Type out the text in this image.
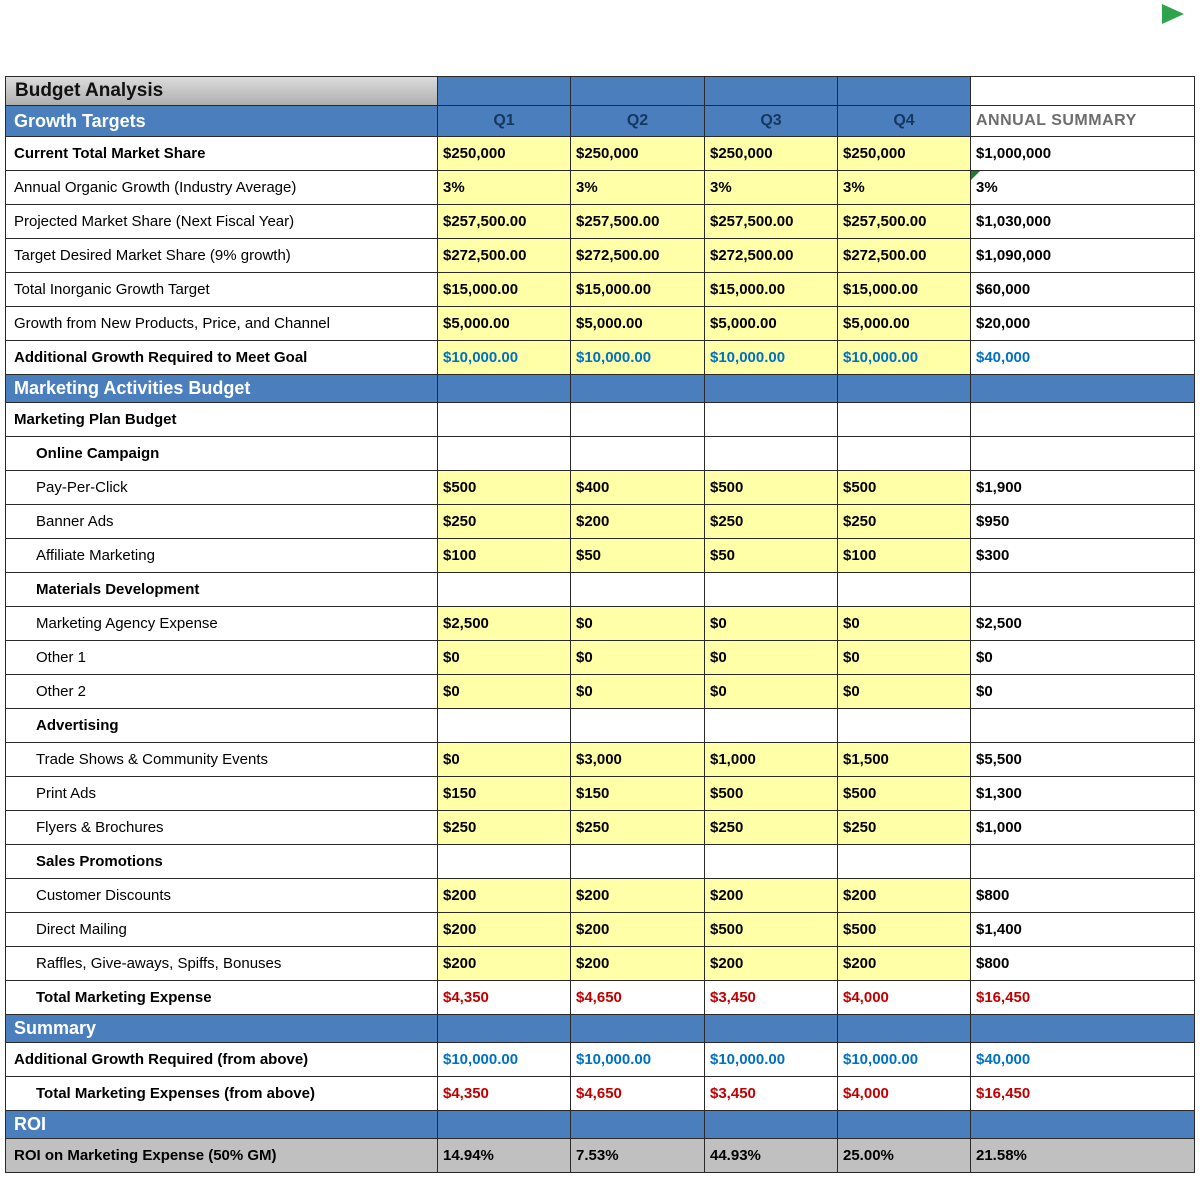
Budget Analysis
Growth Targets	Q1	Q2	Q3	Q4	ANNUAL SUMMARY
Current Total Market Share	$250,000	$250,000	$250,000	$250,000	$1,000,000
Annual Organic Growth (Industry Average)	3%	3%	3%	3%	3%
Projected Market Share (Next Fiscal Year)	$257,500.00	$257,500.00	$257,500.00	$257,500.00	$1,030,000
Target Desired Market Share (9% growth)	$272,500.00	$272,500.00	$272,500.00	$272,500.00	$1,090,000
Total Inorganic Growth Target	$15,000.00	$15,000.00	$15,000.00	$15,000.00	$60,000
Growth from New Products, Price, and Channel	$5,000.00	$5,000.00	$5,000.00	$5,000.00	$20,000
Additional Growth Required to Meet Goal	$10,000.00	$10,000.00	$10,000.00	$10,000.00	$40,000
Marketing Activities Budget
Marketing Plan Budget
Online Campaign
Pay-Per-Click	$500	$400	$500	$500	$1,900
Banner Ads	$250	$200	$250	$250	$950
Affiliate Marketing	$100	$50	$50	$100	$300
Materials Development
Marketing Agency Expense	$2,500	$0	$0	$0	$2,500
Other 1	$0	$0	$0	$0	$0
Other 2	$0	$0	$0	$0	$0
Advertising
Trade Shows & Community Events	$0	$3,000	$1,000	$1,500	$5,500
Print Ads	$150	$150	$500	$500	$1,300
Flyers & Brochures	$250	$250	$250	$250	$1,000
Sales Promotions
Customer Discounts	$200	$200	$200	$200	$800
Direct Mailing	$200	$200	$500	$500	$1,400
Raffles, Give-aways, Spiffs, Bonuses	$200	$200	$200	$200	$800
Total Marketing Expense	$4,350	$4,650	$3,450	$4,000	$16,450
Summary
Additional Growth Required (from above)	$10,000.00	$10,000.00	$10,000.00	$10,000.00	$40,000
Total Marketing Expenses (from above)	$4,350	$4,650	$3,450	$4,000	$16,450
ROI
ROI on Marketing Expense (50% GM)	14.94%	7.53%	44.93%	25.00%	21.58%
